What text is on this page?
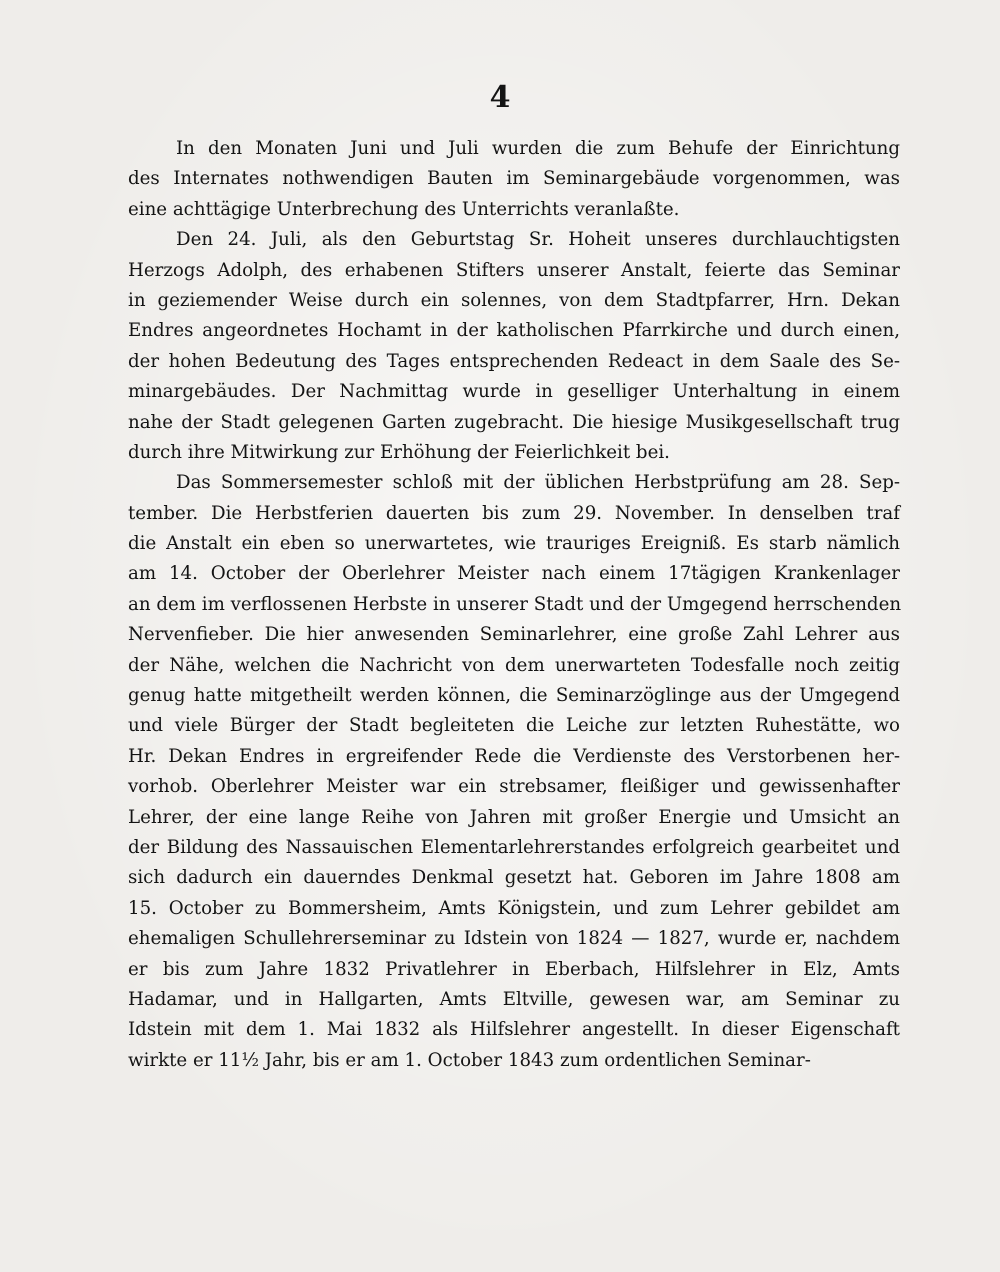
4
In den Monaten Juni und Juli wurden die zum Behufe der Einrichtung
des Internates nothwendigen Bauten im Seminargebäude vorgenommen, was
eine achttägige Unterbrechung des Unterrichts veranlaßte.
Den 24. Juli, als den Geburtstag Sr. Hoheit unseres durchlauchtigsten
Herzogs Adolph, des erhabenen Stifters unserer Anstalt, feierte das Seminar
in geziemender Weise durch ein solennes, von dem Stadtpfarrer, Hrn. Dekan
Endres angeordnetes Hochamt in der katholischen Pfarrkirche und durch einen,
der hohen Bedeutung des Tages entsprechenden Redeact in dem Saale des Se-
minargebäudes. Der Nachmittag wurde in geselliger Unterhaltung in einem
nahe der Stadt gelegenen Garten zugebracht. Die hiesige Musikgesellschaft trug
durch ihre Mitwirkung zur Erhöhung der Feierlichkeit bei.
Das Sommersemester schloß mit der üblichen Herbstprüfung am 28. Sep-
tember. Die Herbstferien dauerten bis zum 29. November. In denselben traf
die Anstalt ein eben so unerwartetes, wie trauriges Ereigniß. Es starb nämlich
am 14. October der Oberlehrer Meister nach einem 17tägigen Krankenlager
an dem im verflossenen Herbste in unserer Stadt und der Umgegend herrschenden
Nervenfieber. Die hier anwesenden Seminarlehrer, eine große Zahl Lehrer aus
der Nähe, welchen die Nachricht von dem unerwarteten Todesfalle noch zeitig
genug hatte mitgetheilt werden können, die Seminarzöglinge aus der Umgegend
und viele Bürger der Stadt begleiteten die Leiche zur letzten Ruhestätte, wo
Hr. Dekan Endres in ergreifender Rede die Verdienste des Verstorbenen her-
vorhob. Oberlehrer Meister war ein strebsamer, fleißiger und gewissenhafter
Lehrer, der eine lange Reihe von Jahren mit großer Energie und Umsicht an
der Bildung des Nassauischen Elementarlehrerstandes erfolgreich gearbeitet und
sich dadurch ein dauerndes Denkmal gesetzt hat. Geboren im Jahre 1808 am
15. October zu Bommersheim, Amts Königstein, und zum Lehrer gebildet am
ehemaligen Schullehrerseminar zu Idstein von 1824 — 1827, wurde er, nachdem
er bis zum Jahre 1832 Privatlehrer in Eberbach, Hilfslehrer in Elz, Amts
Hadamar, und in Hallgarten, Amts Eltville, gewesen war, am Seminar zu
Idstein mit dem 1. Mai 1832 als Hilfslehrer angestellt. In dieser Eigenschaft
wirkte er 11½ Jahr, bis er am 1. October 1843 zum ordentlichen Seminar-
